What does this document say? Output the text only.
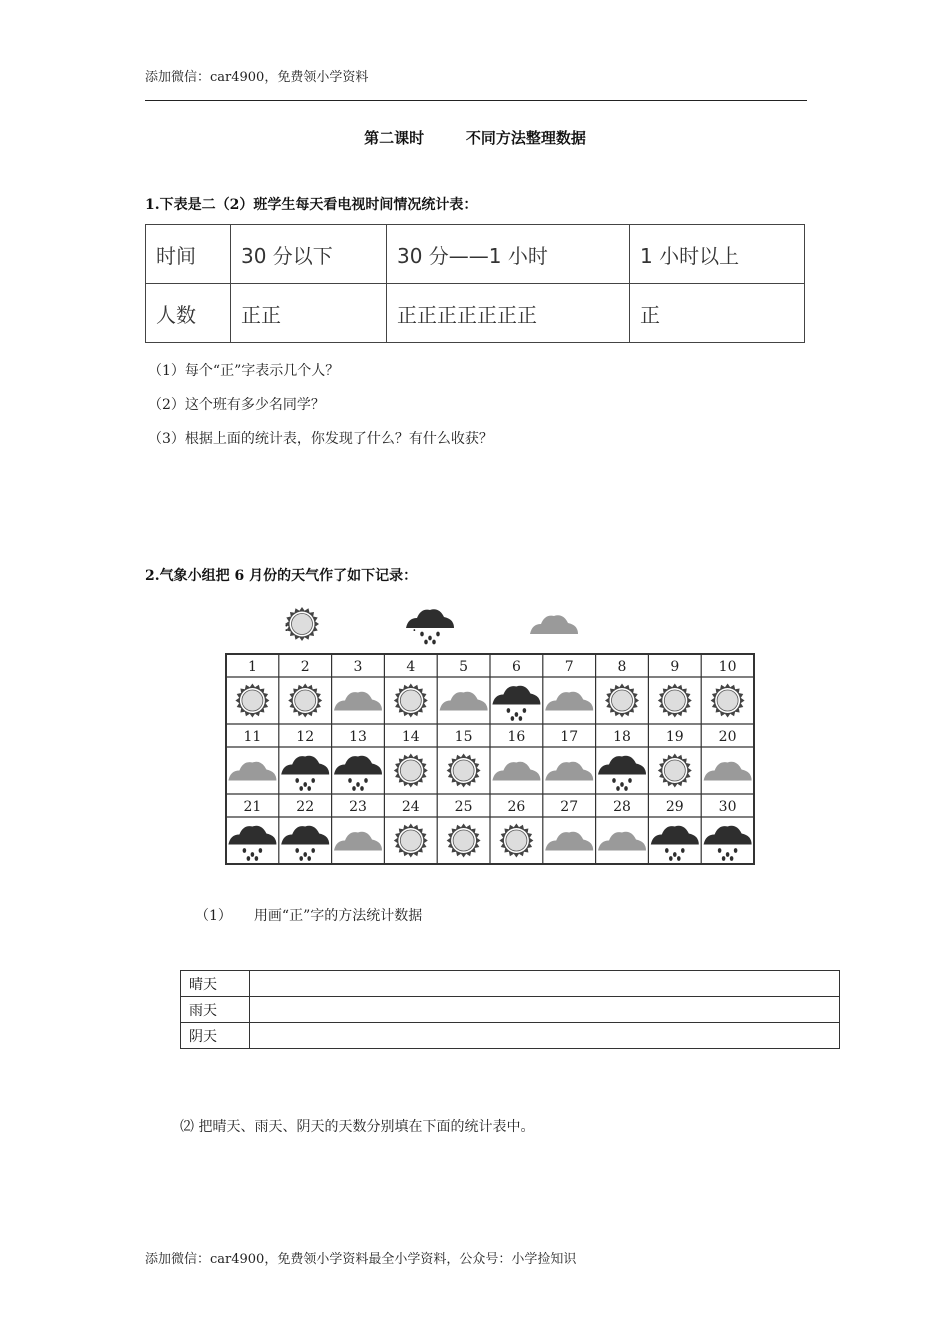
添加微信：car4900，免费领小学资料
第二课时	不同方法整理数据
1.下表是二（2）班学生每天看电视时间情况统计表：
时间	30 分以下	30 分——1 小时	1 小时以上
人数	正正	正正正正正正正	正
（1）每个“正”字表示几个人？
（2）这个班有多少名同学？
（3）根据上面的统计表，你发现了什么？有什么收获？
2.气象小组把 6 月份的天气作了如下记录：
:
1	2	3	4	5	6	7	8	9	10
11 12 13 14 15 16 17 18 19 20
21 22 23 24 25 26 27 28 29 30
（1） 用画“正”字的方法统计数据
晴天	
雨天	
阴天	
⑵ 把晴天、雨天、阴天的天数分别填在下面的统计表中。
添加微信：car4900，免费领小学资料最全小学资料，公众号：小学捡知识
